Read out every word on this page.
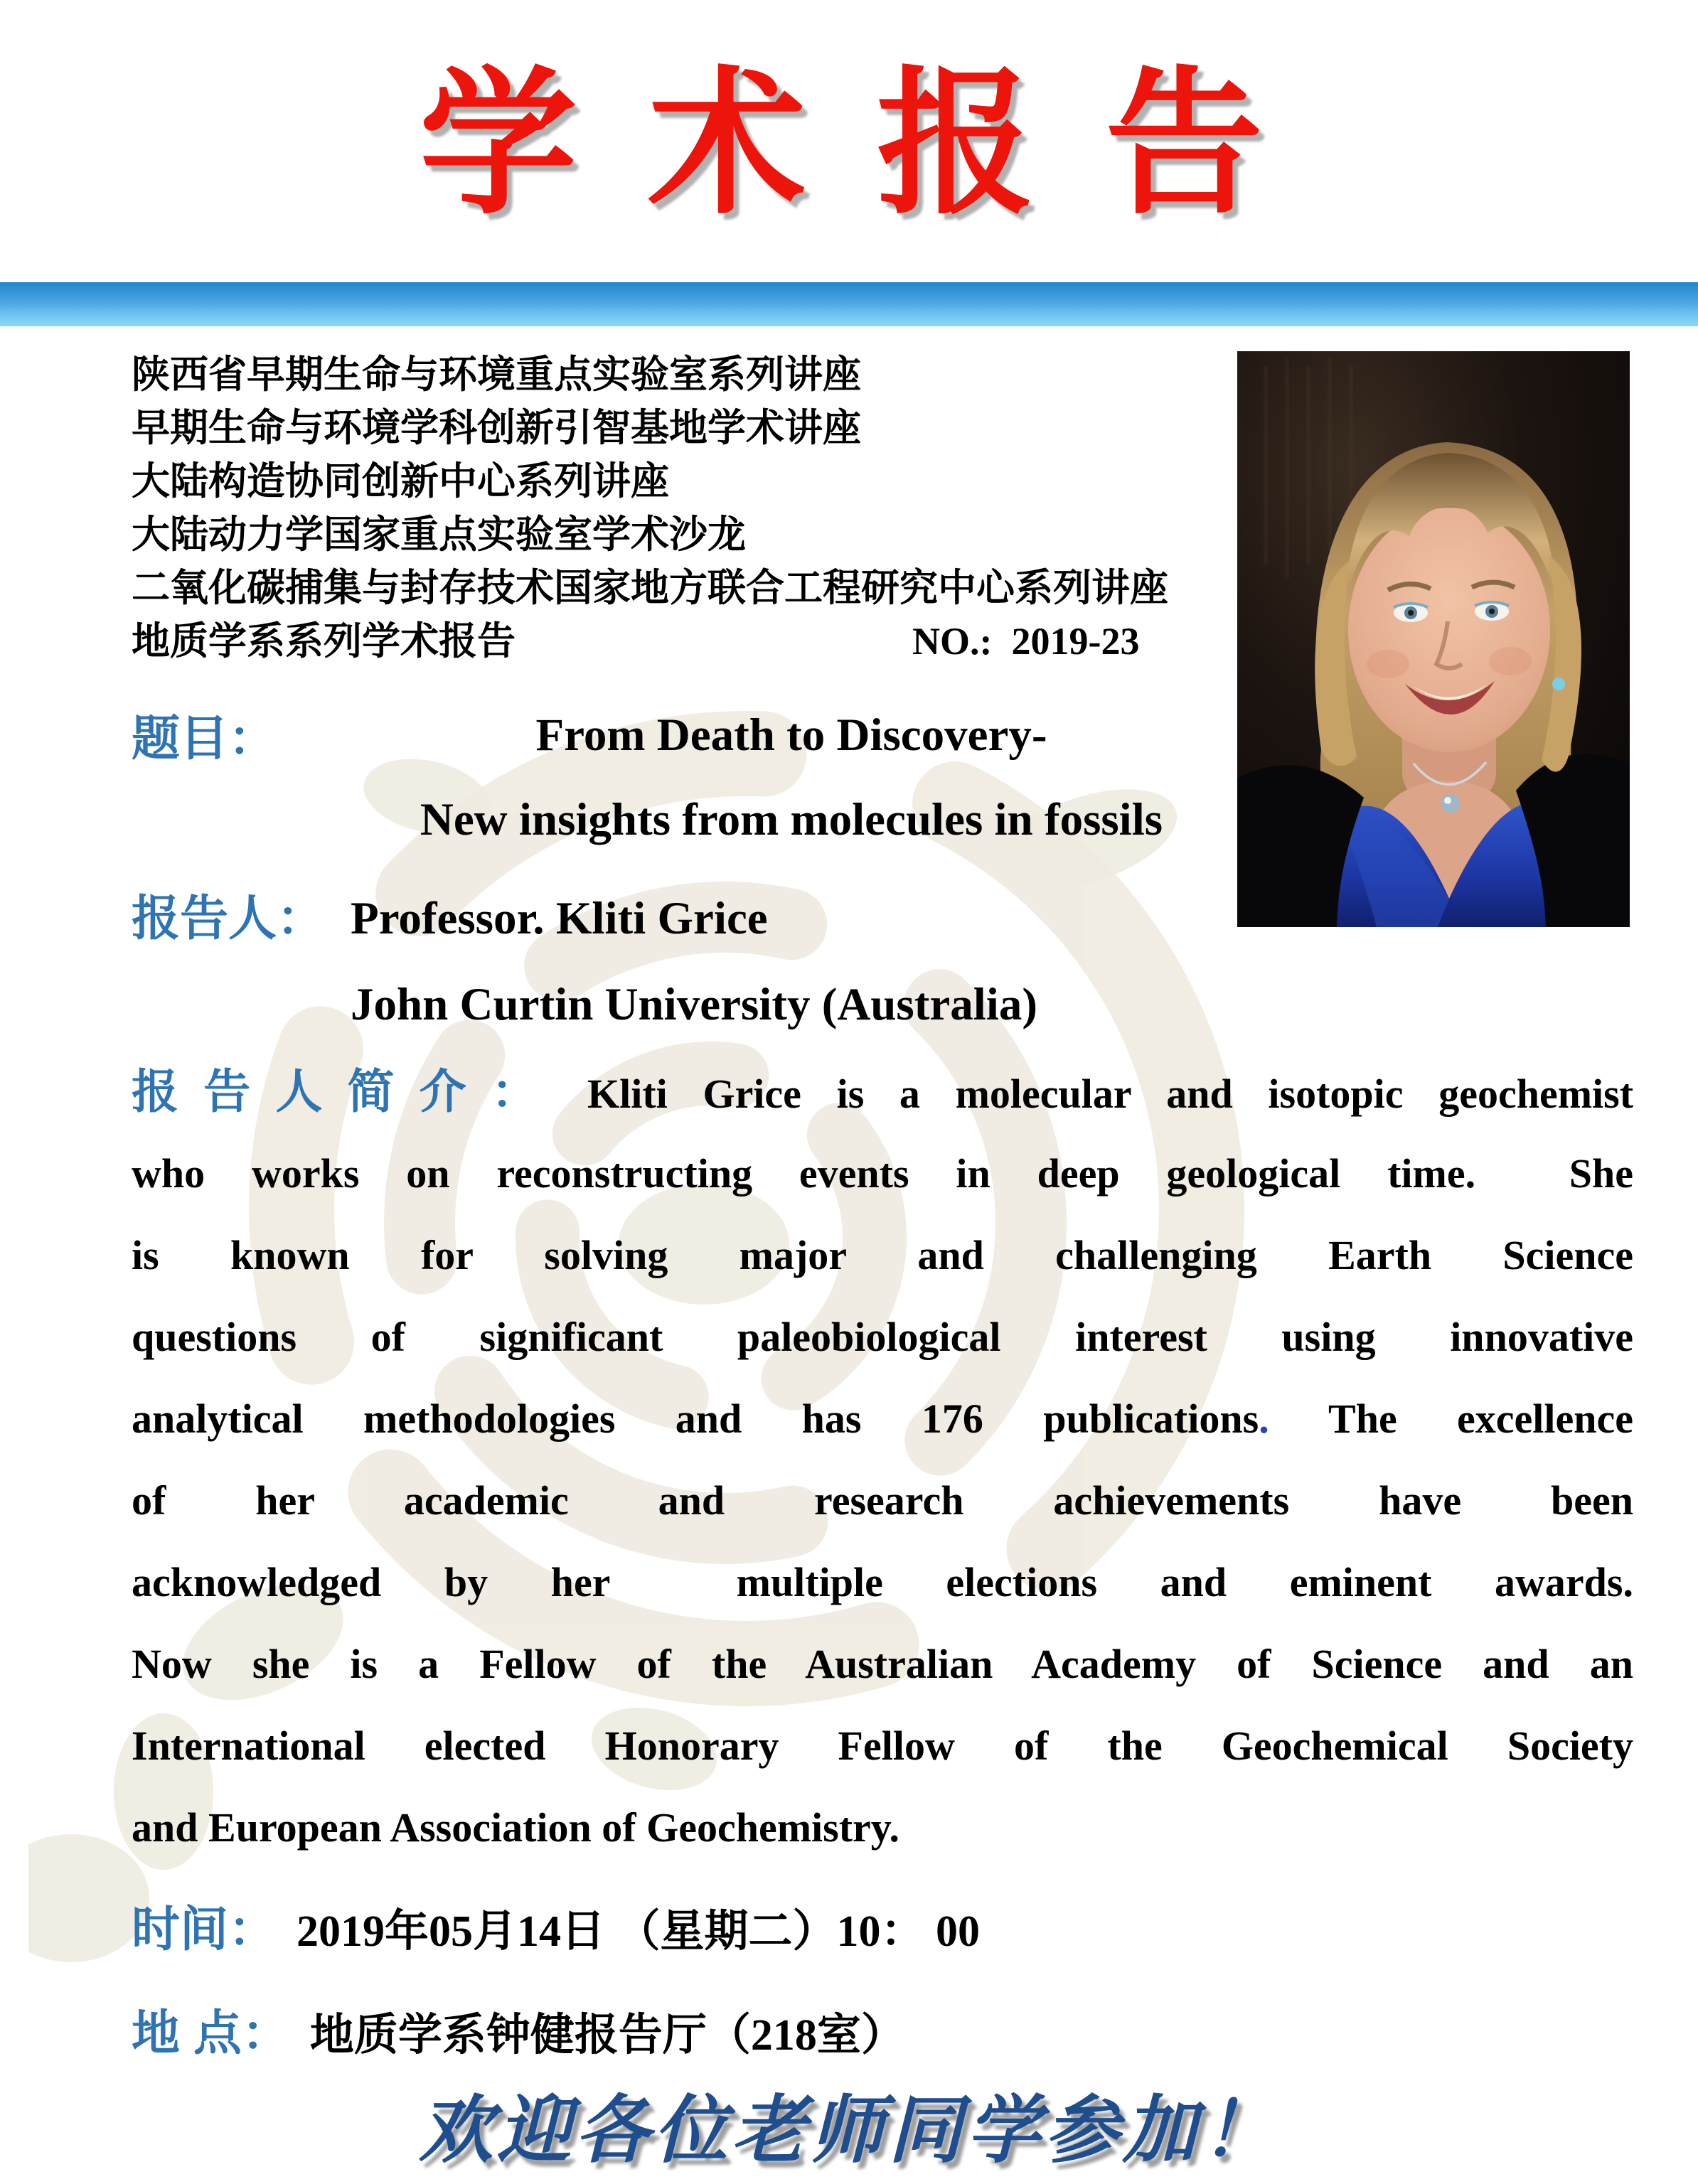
学 术 报 告
陕西省早期生命与环境重点实验室系列讲座
早期生命与环境学科创新引智基地学术讲座
大陆构造协同创新中心系列讲座
大陆动力学国家重点实验室学术沙龙
二氧化碳捕集与封存技术国家地方联合工程研究中心系列讲座
地质学系系列学术报告	NO.:  2019-23
题目：	From Death to Discovery-
New insights from molecules in fossils
报告人： Professor. Kliti Grice
John Curtin University (Australia)
报告人简介： Kliti Grice is a molecular and isotopic geochemist
who works on reconstructing events in deep geological time.  She
is known for solving major and challenging Earth Science
questions of significant paleobiological interest using innovative
analytical methodologies and has 176 publications. The excellence
of her academic and research achievements have been
acknowledged by her  multiple elections and eminent awards.
Now she is a Fellow of the Australian Academy of Science and an
International elected Honorary Fellow of the Geochemical Society
and European Association of Geochemistry.
时间： 2019年05月14日 （星期二）10： 00
地 点： 地质学系钟健报告厅（218室）
欢迎各位老师同学参加！
